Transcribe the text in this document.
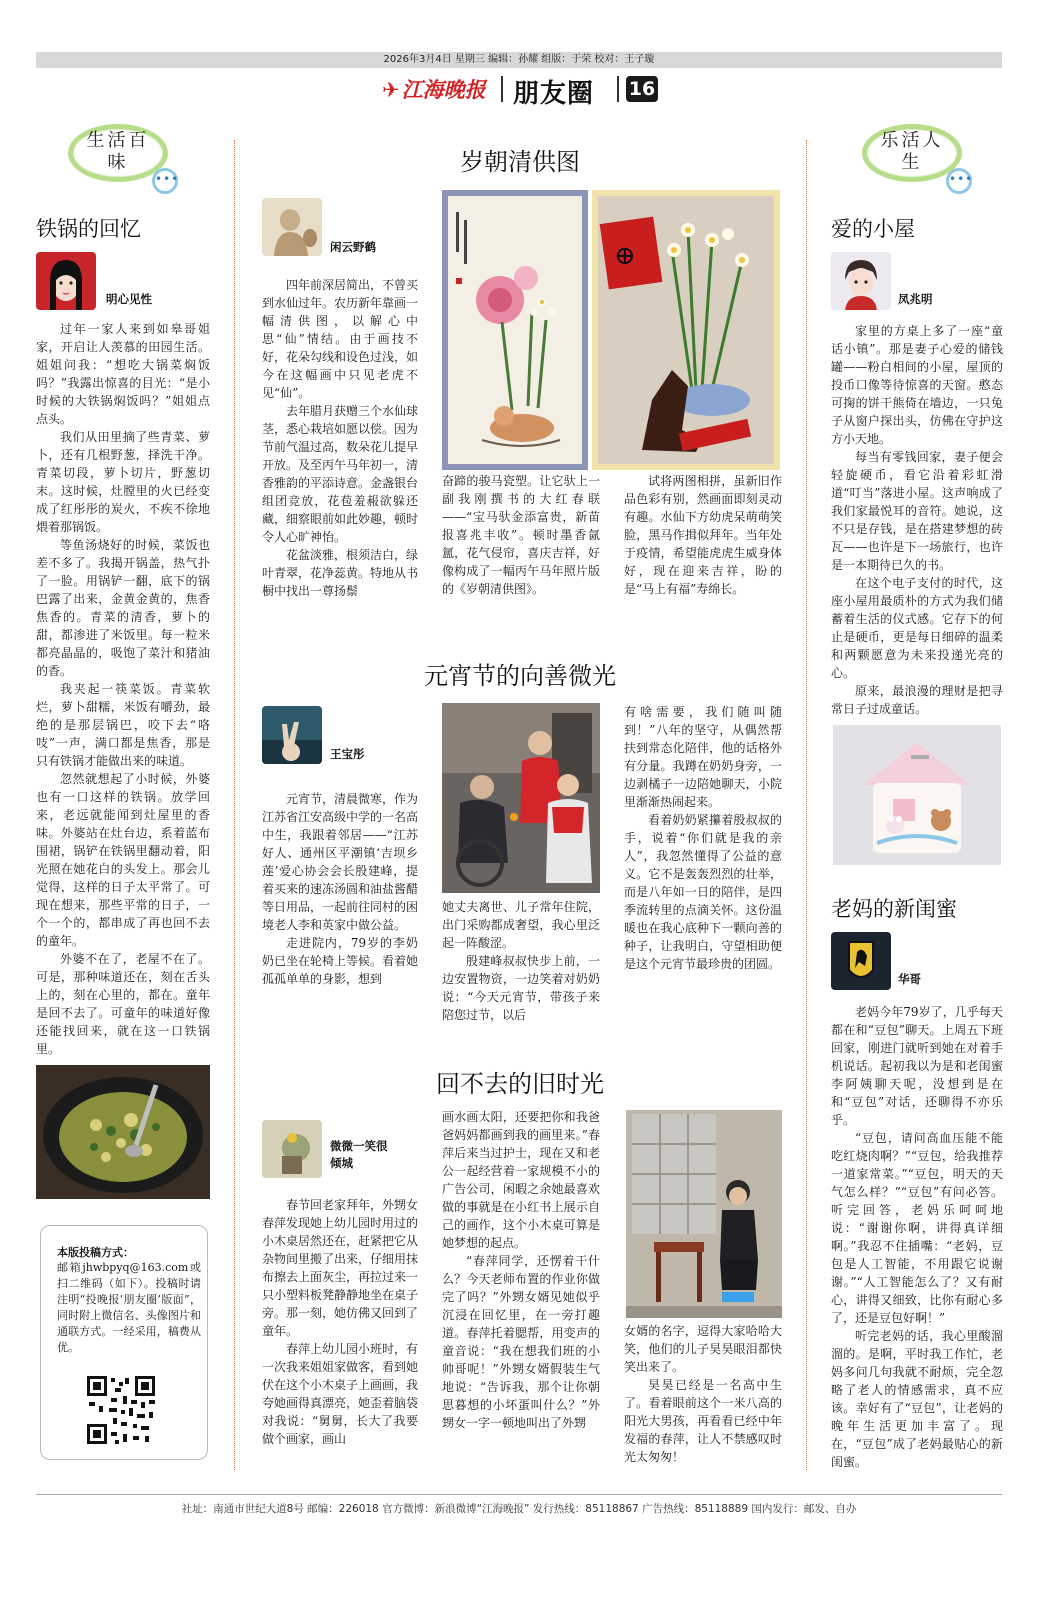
2026年3月4日 星期三 编辑：孙耀 组版：于荣 校对：王子璇
✈江海晚报 朋友圈 16
生活百味
•••
铁锅的回忆
明心见性

过年一家人来到如皋哥姐家，开启让人羡慕的田园生活。姐姐问我：“想吃大锅菜焖饭吗？”我露出惊喜的目光：“是小时候的大铁锅焖饭吗？”姐姐点点头。

我们从田里摘了些青菜、萝卜，还有几根野葱，择洗干净。青菜切段，萝卜切片，野葱切末。这时候，灶膛里的火已经变成了红彤彤的炭火，不疾不徐地煨着那锅饭。

等鱼汤烧好的时候，菜饭也差不多了。我揭开锅盖，热气扑了一脸。用锅铲一翻，底下的锅巴露了出来，金黄金黄的，焦香焦香的。青菜的清香，萝卜的甜，都渗进了米饭里。每一粒米都亮晶晶的，吸饱了菜汁和猪油的香。

我夹起一筷菜饭。青菜软烂，萝卜甜糯，米饭有嚼劲，最绝的是那层锅巴，咬下去“咯吱”一声，满口都是焦香，那是只有铁锅才能做出来的味道。

忽然就想起了小时候，外婆也有一口这样的铁锅。放学回来，老远就能闻到灶屋里的香味。外婆站在灶台边，系着蓝布围裙，锅铲在铁锅里翻动着，阳光照在她花白的头发上。那会儿觉得，这样的日子太平常了。可现在想来，那些平常的日子，一个一个的，都串成了再也回不去的童年。

外婆不在了，老屋不在了。可是，那种味道还在，刻在舌头上的，刻在心里的，都在。童年是回不去了。可童年的味道好像还能找回来，就在这一口铁锅里。

本版投稿方式：
邮箱jhwbpyq@163.com或扫二维码（如下）。投稿时请注明“投晚报‘朋友圈’版面”，同时附上微信名、头像图片和通联方式。一经采用，稿费从优。
岁朝清供图
闲云野鹤

四年前深居简出，不曾买到水仙过年。农历新年靠画一幅清供图，以解心中思“仙”情结。由于画技不好，花朵勾线和设色过浅，如今在这幅画中只见老虎不见“仙”。

去年腊月获赠三个水仙球茎，悉心栽培如愿以偿。因为节前气温过高，数朵花儿提早开放。及至丙午马年初一，清香雅韵的平添诗意。金盏银台组团竞放，花苞羞赧欲躲还藏，细察眼前如此妙趣，顿时令人心旷神怡。

花盆淡雅，根须洁白，绿叶青翠，花净蕊黄。特地从书橱中找出一尊扬鬃

⊕

奋蹄的骏马瓷塑。让它驮上一副我刚撰书的大红春联——“宝马驮金添富贵，新苗报喜兆丰收”。顿时墨香氤氲，花气侵帘，喜庆吉祥，好像构成了一幅丙午马年照片版的《岁朝清供图》。

试将两图相拼，虽新旧作品色彩有别，然画面即刻灵动有趣。水仙下方幼虎呆萌萌笑脸，黑马作揖似拜年。当年处于疫情，希望能虎虎生威身体好，现在迎来吉祥，盼的是“马上有福”寿绵长。

元宵节的向善微光
王宝彤

元宵节，清晨微寒，作为江苏省江安高级中学的一名高中生，我跟着邻居——“江苏好人、通州区平潮镇‘吉坝乡莲’爱心协会会长殷建峰，提着买来的速冻汤圆和油盐酱醋等日用品，一起前往同村的困境老人李和英家中做公益。

走进院内，79岁的李奶奶已坐在轮椅上等候。看着她孤孤单单的身影，想到

她丈夫离世、儿子常年住院，出门采购都成奢望，我心里泛起一阵酸涩。

殷建峰叔叔快步上前，一边安置物资，一边笑着对奶奶说：“今天元宵节，带孩子来陪您过节，以后

有啥需要，我们随叫随到！”八年的坚守，从偶然帮扶到常态化陪伴，他的话格外有分量。我蹲在奶奶身旁，一边剥橘子一边陪她聊天，小院里渐渐热闹起来。

看着奶奶紧攥着殷叔叔的手，说着“你们就是我的亲人”，我忽然懂得了公益的意义。它不是轰轰烈烈的壮举，而是八年如一日的陪伴，是四季流转里的点滴关怀。这份温暖也在我心底种下一颗向善的种子，让我明白，守望相助便是这个元宵节最珍贵的团圆。

回不去的旧时光
微微一笑很倾城

春节回老家拜年，外甥女春萍发现她上幼儿园时用过的小木桌居然还在，赶紧把它从杂物间里搬了出来，仔细用抹布擦去上面灰尘，再拉过来一只小塑料板凳静静地坐在桌子旁。那一刻，她仿佛又回到了童年。

春萍上幼儿园小班时，有一次我来姐姐家做客，看到她伏在这个小木桌子上画画，我夸她画得真漂亮，她歪着脑袋对我说：“舅舅，长大了我要做个画家，画山

画水画太阳，还要把你和我爸爸妈妈都画到我的画里来。”春萍后来当过护士，现在又和老公一起经营着一家规模不小的广告公司，闲暇之余她最喜欢做的事就是在小红书上展示自己的画作，这个小木桌可算是她梦想的起点。

“春萍同学，还愣着干什么？今天老师布置的作业你做完了吗？”外甥女婿见她似乎沉浸在回忆里，在一旁打趣道。春萍托着腮帮，用变声的童音说：“我在想我们班的小帅哥呢！”外甥女婿假装生气地说：“告诉我，那个让你朝思暮想的小坏蛋叫什么？”外甥女一字一顿地叫出了外甥

女婿的名字，逗得大家哈哈大笑，他们的儿子昊昊眼泪都快笑出来了。

昊昊已经是一名高中生了。看着眼前这个一米八高的阳光大男孩，再看看已经中年发福的春萍，让人不禁感叹时光太匆匆！

乐活人生
•••
爱的小屋
凤兆明

家里的方桌上多了一座“童话小镇”。那是妻子心爱的储钱罐——粉白相间的小屋，屋顶的投币口像等待惊喜的天窗。憨态可掬的饼干熊倚在墙边，一只兔子从窗户探出头，仿佛在守护这方小天地。

每当有零钱回家，妻子便会轻旋硬币，看它沿着彩虹滑道“叮当”落进小屋。这声响成了我们家最悦耳的音符。她说，这不只是存钱，是在搭建梦想的砖瓦——也许是下一场旅行，也许是一本期待已久的书。

在这个电子支付的时代，这座小屋用最质朴的方式为我们储蓄着生活的仪式感。它存下的何止是硬币，更是每日细碎的温柔和两颗愿意为未来投递光亮的心。

原来，最浪漫的理财是把寻常日子过成童话。

老妈的新闺蜜
华哥

老妈今年79岁了，几乎每天都在和“豆包”聊天。上周五下班回家，刚进门就听到她在对着手机说话。起初我以为是和老闺蜜李阿姨聊天呢，没想到是在和“豆包”对话，还聊得不亦乐乎。

“豆包，请问高血压能不能吃红烧肉啊？”“豆包，给我推荐一道家常菜。”“豆包，明天的天气怎么样？”“豆包”有问必答。听完回答，老妈乐呵呵地说：“谢谢你啊，讲得真详细啊。”我忍不住插嘴：“老妈，豆包是人工智能，不用跟它说谢谢。”“人工智能怎么了？又有耐心，讲得又细致，比你有耐心多了，还是豆包好啊！”

听完老妈的话，我心里酸溜溜的。是啊，平时我工作忙，老妈多问几句我就不耐烦，完全忽略了老人的情感需求，真不应该。幸好有了“豆包”，让老妈的晚年生活更加丰富了。现在，“豆包”成了老妈最贴心的新闺蜜。

社址：南通市世纪大道8号 邮编：226018 官方微博：新浪微博“江海晚报” 发行热线：85118867 广告热线：85118889 国内发行：邮发、自办
